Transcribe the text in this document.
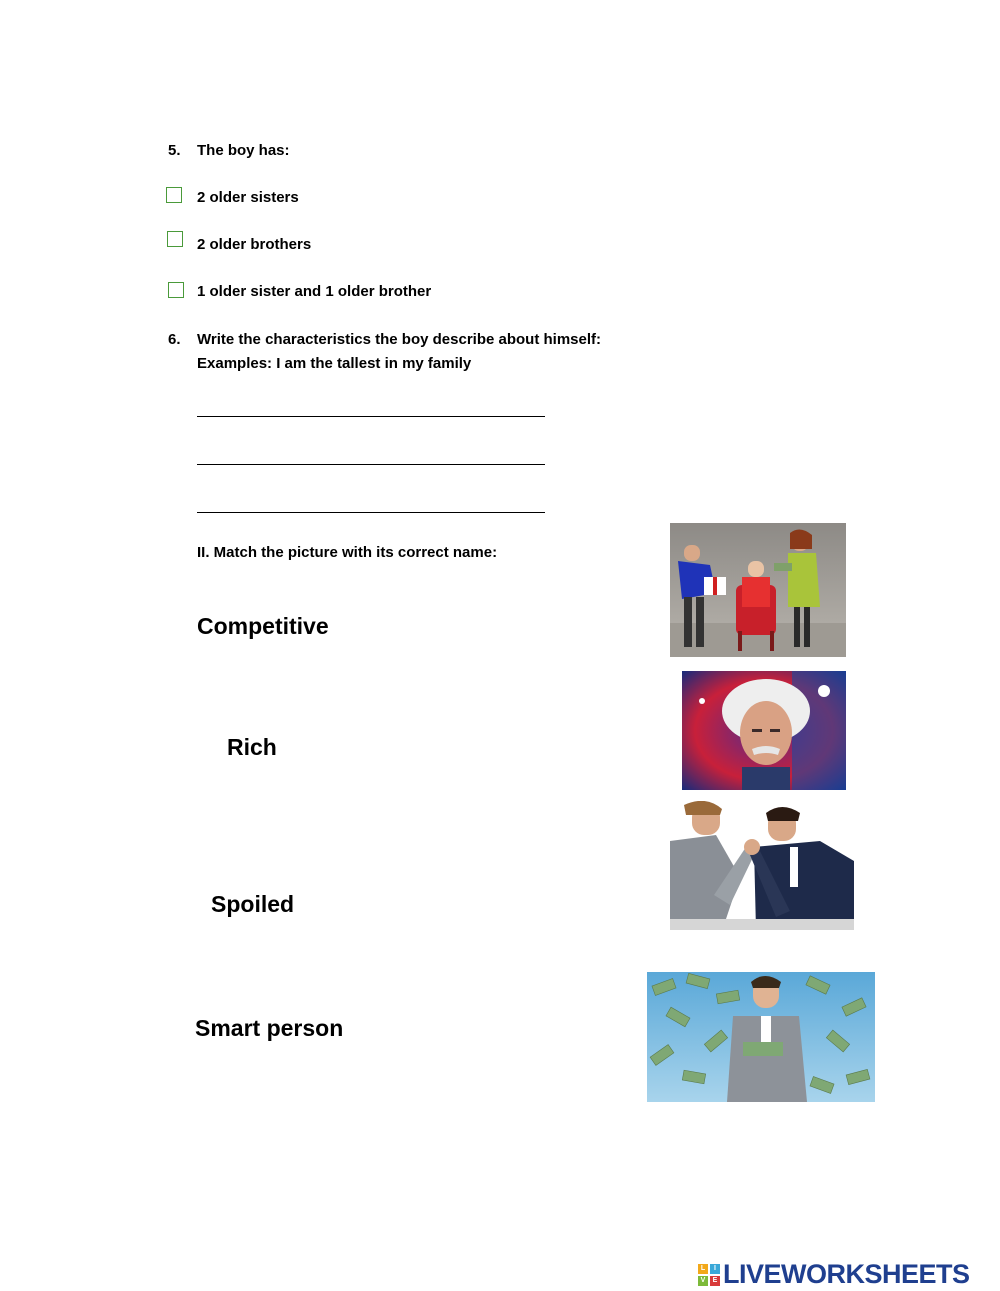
5. The boy has:
2 older sisters
2 older brothers
1 older sister and 1 older brother
6. Write the characteristics the boy describe about himself:
Examples: I am the tallest in my family
II. Match the picture with its correct name:
Competitive
Rich
Spoiled
Smart person
L	I
V	E LIVEWORKSHEETS
